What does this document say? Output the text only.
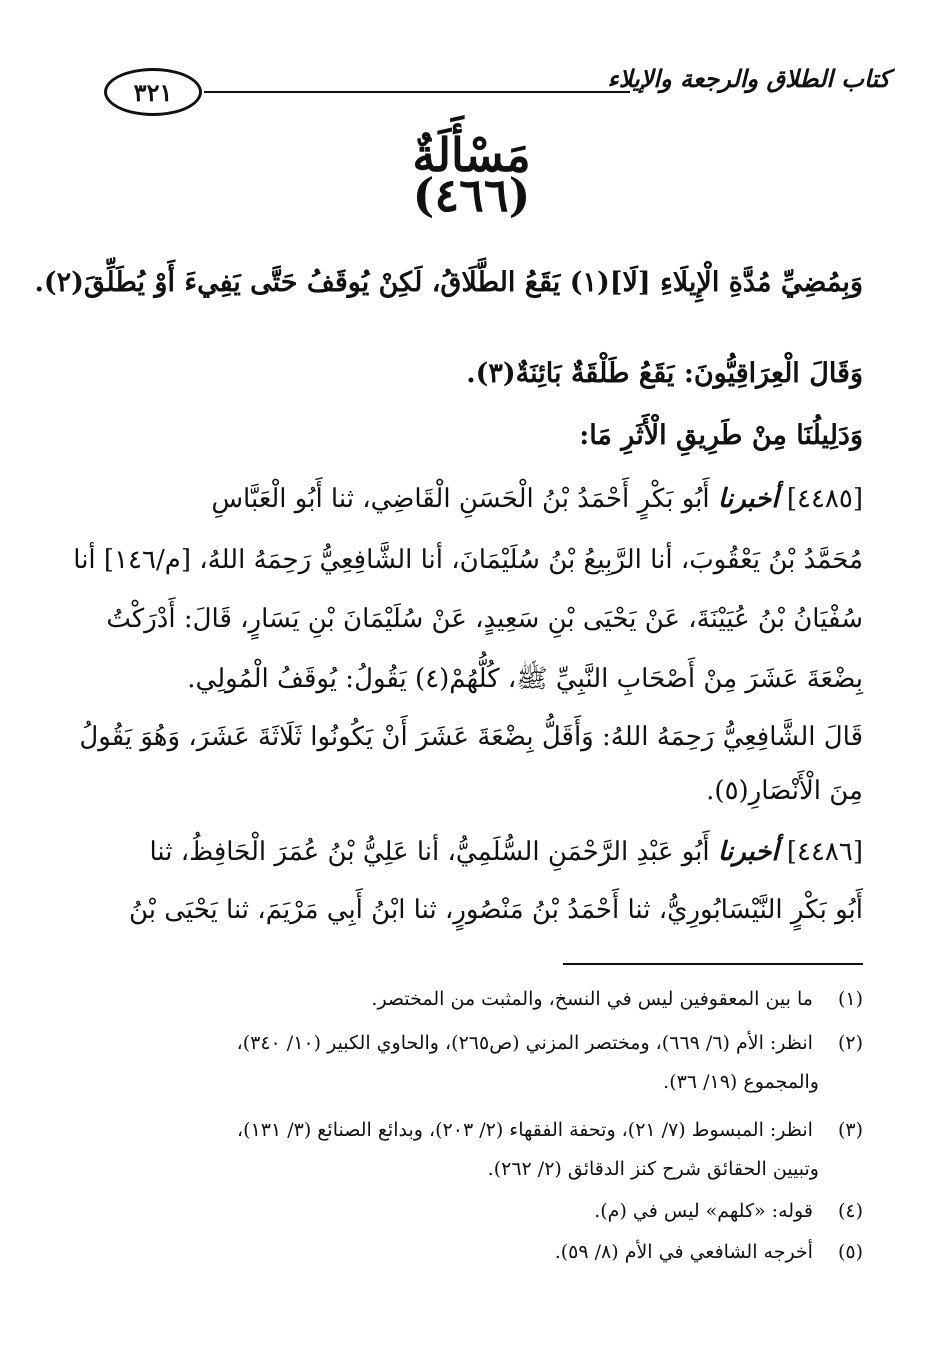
٣٢١	كتاب الطلاق والرجعة والإيلاء
مَسْأَلَةٌ
(٤٦٦)
وَبِمُضِيِّ مُدَّةِ الْإِيلَاءِ [لَا](١) يَقَعُ الطَّلَاقُ، لَكِنْ يُوقَفُ حَتَّى يَفِيءَ أَوْ يُطَلِّقَ(٢).
وَقَالَ الْعِرَاقِيُّونَ: يَقَعُ طَلْقَةٌ بَائِنَةٌ(٣).
وَدَلِيلُنَا مِنْ طَرِيقِ الْأَثَرِ مَا:
[٤٤٨٥] أخبرنا أَبُو بَكْرٍ أَحْمَدُ بْنُ الْحَسَنِ الْقَاضِي، ثنا أَبُو الْعَبَّاسِ
مُحَمَّدُ بْنُ يَعْقُوبَ، أنا الرَّبِيعُ بْنُ سُلَيْمَانَ، أنا الشَّافِعِيُّ رَحِمَهُ اللهُ، [م/١٤٦] أنا
سُفْيَانُ بْنُ عُيَيْنَةَ، عَنْ يَحْيَى بْنِ سَعِيدٍ، عَنْ سُلَيْمَانَ بْنِ يَسَارٍ، قَالَ: أَدْرَكْتُ
بِضْعَةَ عَشَرَ مِنْ أَصْحَابِ النَّبِيِّ ﷺ، كُلُّهُمْ(٤) يَقُولُ: يُوقَفُ الْمُولِي.
قَالَ الشَّافِعِيُّ رَحِمَهُ اللهُ: وَأَقَلُّ بِضْعَةَ عَشَرَ أَنْ يَكُونُوا ثَلَاثَةَ عَشَرَ، وَهُوَ يَقُولُ
مِنَ الْأَنْصَارِ(٥).
[٤٤٨٦] أخبرنا أَبُو عَبْدِ الرَّحْمَنِ السُّلَمِيُّ، أنا عَلِيُّ بْنُ عُمَرَ الْحَافِظُ، ثنا
أَبُو بَكْرٍ النَّيْسَابُورِيُّ، ثنا أَحْمَدُ بْنُ مَنْصُورٍ، ثنا ابْنُ أَبِي مَرْيَمَ، ثنا يَحْيَى بْنُ
(١) ما بين المعقوفين ليس في النسخ، والمثبت من المختصر.
(٢) انظر: الأم (٦/ ٦٦٩)، ومختصر المزني (ص٢٦٥)، والحاوي الكبير (١٠/ ٣٤٠)،
والمجموع (١٩/ ٣٦).
(٣) انظر: المبسوط (٧/ ٢١)، وتحفة الفقهاء (٢/ ٢٠٣)، وبدائع الصنائع (٣/ ١٣١)،
وتبيين الحقائق شرح كنز الدقائق (٢/ ٢٦٢).
(٤) قوله: «كلهم» ليس في (م).
(٥) أخرجه الشافعي في الأم (٨/ ٥٩).
